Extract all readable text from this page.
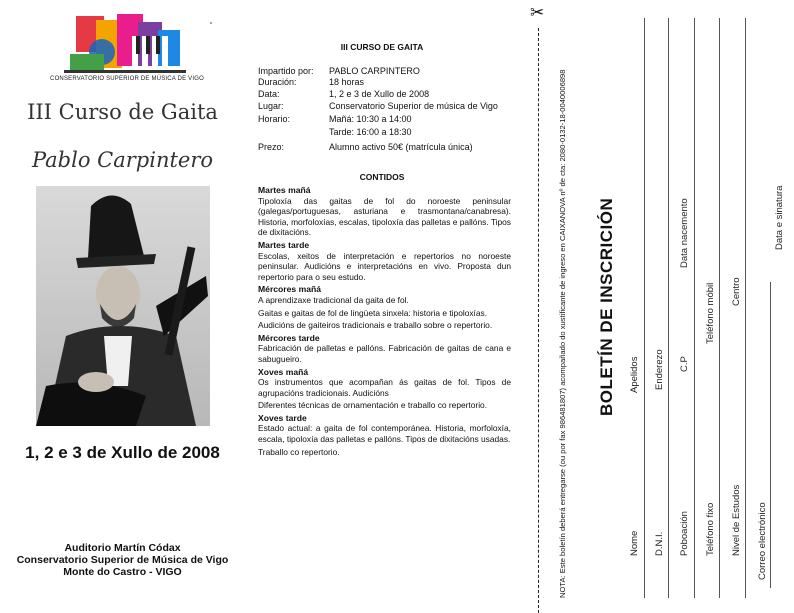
CONSERVATORIO SUPERIOR DE MÚSICA DE VIGO
III Curso de Gaita
Pablo Carpintero
1, 2 e 3 de Xullo de 2008
Auditorio Martín Códax
Conservatorio Superior de Música de Vigo
Monte do Castro - VIGO
III CURSO DE GAITA
Impartido por:	PABLO CARPINTERO
Duración:	18 horas
Data:	1, 2 e 3 de Xullo de 2008
Lugar:	Conservatorio Superior de música de Vigo
Horario:	Mañá: 10:30 a 14:00
Tarde: 16:00 a 18:30
Prezo:	Alumno activo 50€ (matrícula única)
CONTIDOS
Martes mañá

Tipoloxía das gaitas de fol do noroeste peninsular (galegas/portuguesas, asturiana e trasmontana/canabresa). Historia, morfoloxías, escalas, tipoloxía das palletas e pallóns. Tipos de dixitacións.

Martes tarde

Escolas, xeitos de interpretación e repertorios no noroeste peninsular. Audicións e interpretacións en vivo. Proposta dun repertorio para o seu estudo.

Mércores mañá

A aprendizaxe tradicional da gaita de fol.

Gaitas e gaitas de fol de lingüeta sinxela: historia e tipoloxías.

Audicións de gaiteiros tradicionais e traballo sobre o repertorio.

Mércores tarde

Fabricación de palletas e pallóns. Fabricación de gaitas de cana e sabugueiro.

Xoves mañá

Os instrumentos que acompañan ás gaitas de fol. Tipos de agrupacións tradicionais. Audicións

Diferentes técnicas de ornamentación e traballo co repertorio.

Xoves tarde

Estado actual: a gaita de fol contemporánea. Historia, morfoloxía, escala, tipoloxía das palletas e pallóns. Tipos de dixitacións usadas.

Traballo co repertorio.

✂
NOTA: Este boletín deberá entregarse (ou por fax 986481807) acompañado do xustificante de ingreso en CAIXANOVA nº de cta: 2080-0132-18-0040006898 BOLETÍN DE INSCRICIÓN
Nome
Apelidos
D.N.I.
Enderezo
Poboación
C.P
Data nacemento
Teléfono fixo
Teléfono móbil
Nivel de Estudos
Centro
Correo electrónico
Data e sinatura
